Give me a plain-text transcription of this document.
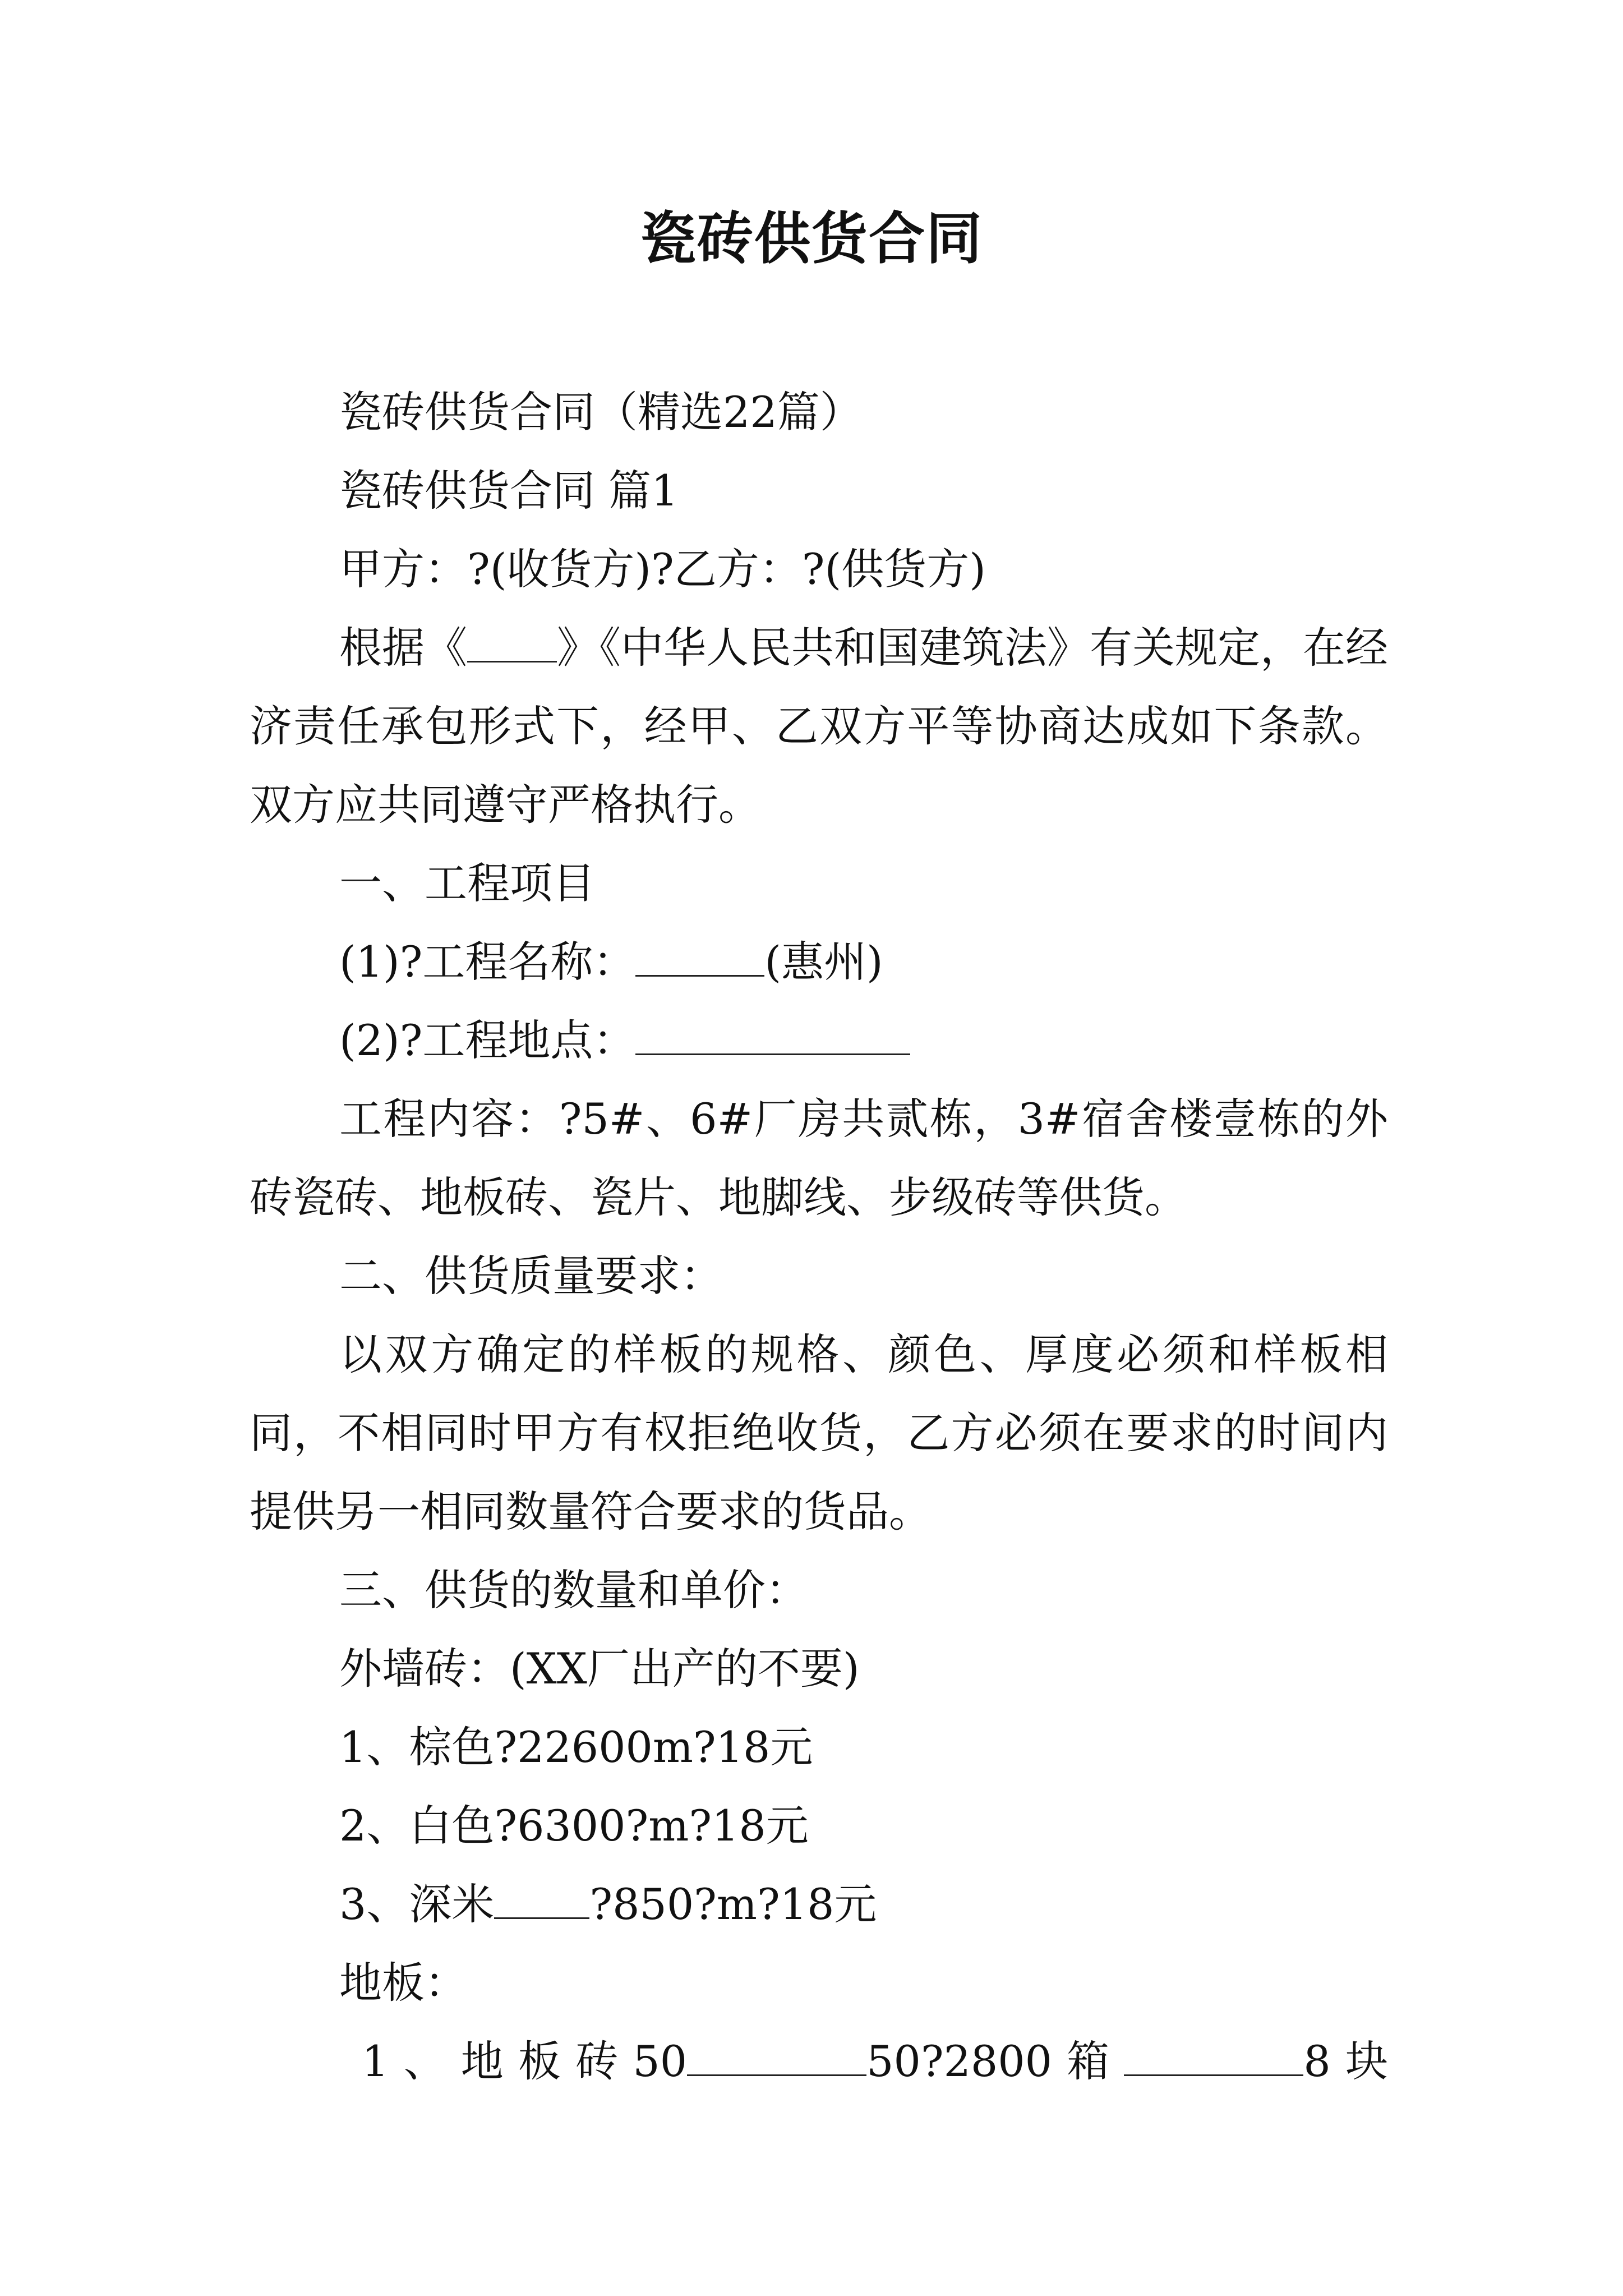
瓷砖供货合同

瓷砖供货合同（精选22篇）

瓷砖供货合同 篇1

甲方：?(收货方)?乙方：?(供货方)

根据《 》《中华人民共和国建筑法》有关规定，在经济责任承包形式下，经甲、乙双方平等协商达成如下条款。双方应共同遵守严格执行。

一、工程项目

(1)?工程名称：	(惠州)

(2)?工程地点：

工程内容：?5#、6#厂房共贰栋，3#宿舍楼壹栋的外砖瓷砖、地板砖、瓷片、地脚线、步级砖等供货。

二、供货质量要求：

以双方确定的样板的规格、颜色、厚度必须和样板相同，不相同时甲方有权拒绝收货，乙方必须在要求的时间内提供另一相同数量符合要求的货品。

三、供货的数量和单价：

外墙砖：(XX厂出产的不要)

1、棕色?22600m?18元

2、白色?6300?m?18元

3、深米 ?850?m?18元

地板：

1、地板砖50	50?2800箱	8块
